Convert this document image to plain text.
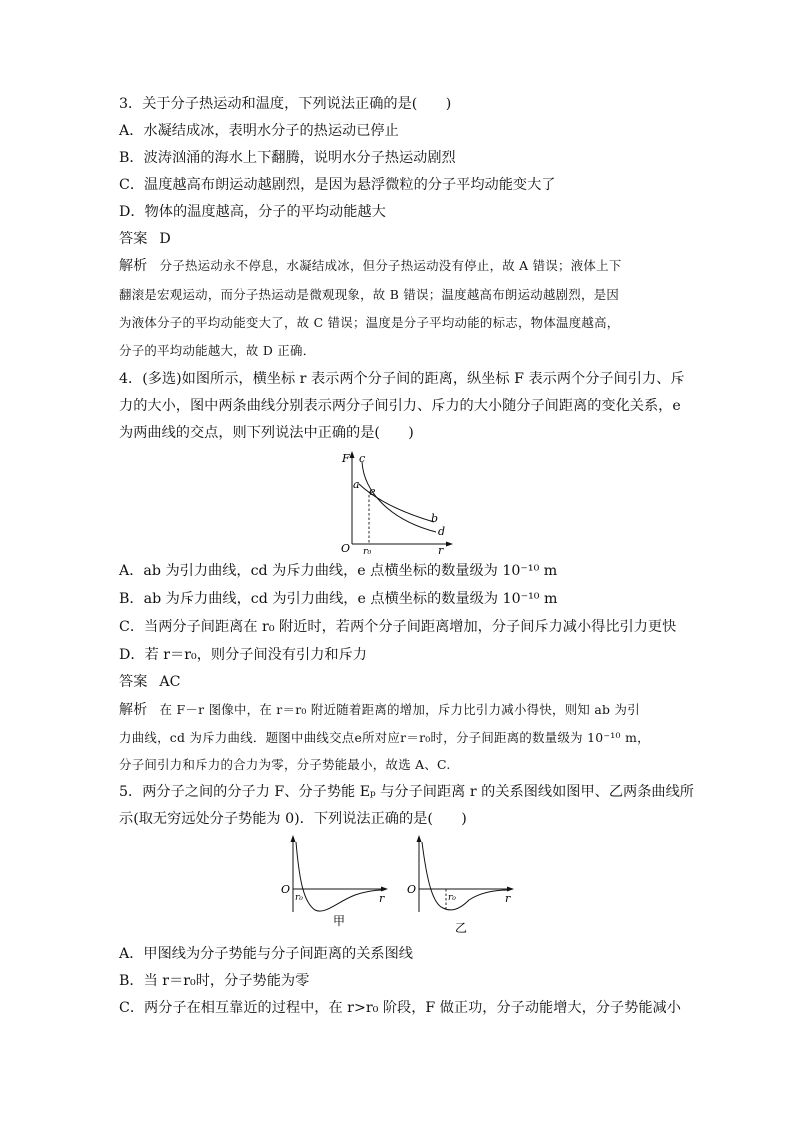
3．关于分子热运动和温度，下列说法正确的是(　　)
A．水凝结成冰，表明水分子的热运动已停止
B．波涛汹涌的海水上下翻腾，说明水分子热运动剧烈
C．温度越高布朗运动越剧烈，是因为悬浮微粒的分子平均动能变大了
D．物体的温度越高，分子的平均动能越大
答案 D
解析 分子热运动永不停息，水凝结成冰，但分子热运动没有停止，故 A 错误；液体上下
翻滚是宏观运动，而分子热运动是微观现象，故 B 错误；温度越高布朗运动越剧烈，是因
为液体分子的平均动能变大了，故 C 错误；温度是分子平均动能的标志，物体温度越高，
分子的平均动能越大，故 D 正确．
4．(多选)如图所示，横坐标 r 表示两个分子间的距离，纵坐标 F 表示两个分子间引力、斥
力的大小，图中两条曲线分别表示两分子间引力、斥力的大小随分子间距离的变化关系，e
为两曲线的交点，则下列说法中正确的是(　　)
F c
a
e
b
d
O r₀	r
A．ab 为引力曲线，cd 为斥力曲线，e 点横坐标的数量级为 10⁻¹⁰ m
B．ab 为斥力曲线，cd 为引力曲线，e 点横坐标的数量级为 10⁻¹⁰ m
C．当两分子间距离在 r₀ 附近时，若两个分子间距离增加，分子间斥力减小得比引力更快
D．若 r＝r₀，则分子间没有引力和斥力
答案 AC
解析 在 F－r 图像中，在 r＝r₀ 附近随着距离的增加，斥力比引力减小得快，则知 ab 为引
力曲线，cd 为斥力曲线．题图中曲线交点e所对应r＝r₀时，分子间距离的数量级为 10⁻¹⁰ m，
分子间引力和斥力的合力为零，分子势能最小，故选 A、C.
5．两分子之间的分子力 F、分子势能 Eₚ 与分子间距离 r 的关系图线如图甲、乙两条曲线所
示(取无穷远处分子势能为 0)．下列说法正确的是(　　)
O
r₀	r
甲
O
r₀	r
乙
A．甲图线为分子势能与分子间距离的关系图线
B．当 r＝r₀时，分子势能为零
C．两分子在相互靠近的过程中，在 r>r₀ 阶段，F 做正功，分子动能增大，分子势能减小
